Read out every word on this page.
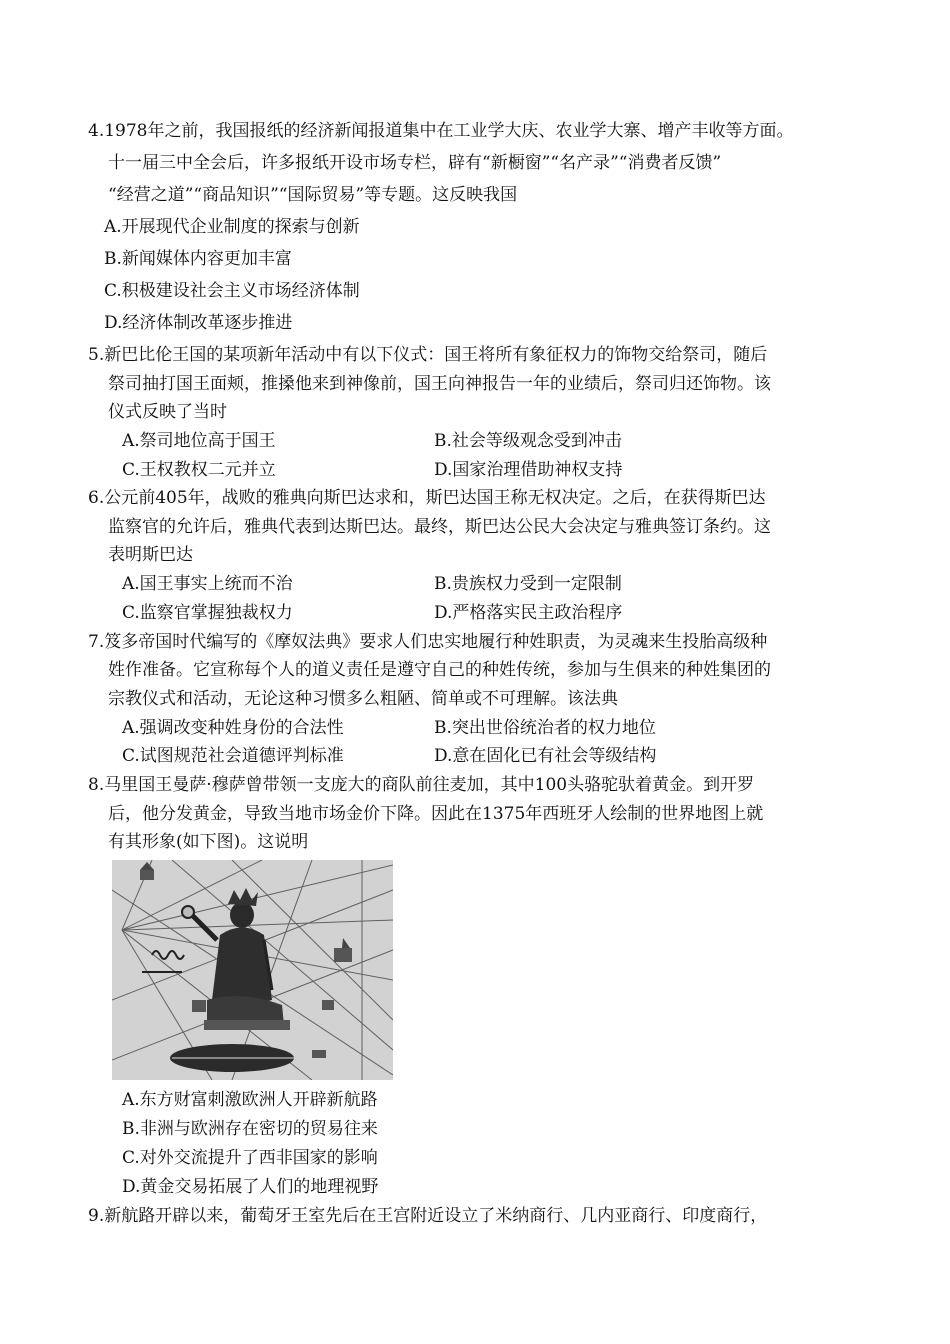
4.1978年之前，我国报纸的经济新闻报道集中在工业学大庆、农业学大寨、增产丰收等方面。
十一届三中全会后，许多报纸开设市场专栏，辟有“新橱窗”“名产录”“消费者反馈”
“经营之道”“商品知识”“国际贸易”等专题。这反映我国
A.开展现代企业制度的探索与创新
B.新闻媒体内容更加丰富
C.积极建设社会主义市场经济体制
D.经济体制改革逐步推进
5.新巴比伦王国的某项新年活动中有以下仪式：国王将所有象征权力的饰物交给祭司，随后
祭司抽打国王面颊，推搡他来到神像前，国王向神报告一年的业绩后，祭司归还饰物。该
仪式反映了当时
A.祭司地位高于国王	B.社会等级观念受到冲击
C.王权教权二元并立	D.国家治理借助神权支持
6.公元前405年，战败的雅典向斯巴达求和，斯巴达国王称无权决定。之后，在获得斯巴达
监察官的允许后，雅典代表到达斯巴达。最终，斯巴达公民大会决定与雅典签订条约。这
表明斯巴达
A.国王事实上统而不治	B.贵族权力受到一定限制
C.监察官掌握独裁权力	D.严格落实民主政治程序
7.笈多帝国时代编写的《摩奴法典》要求人们忠实地履行种姓职责，为灵魂来生投胎高级种
姓作准备。它宣称每个人的道义责任是遵守自己的种姓传统，参加与生俱来的种姓集团的
宗教仪式和活动，无论这种习惯多么粗陋、简单或不可理解。该法典
A.强调改变种姓身份的合法性	B.突出世俗统治者的权力地位
C.试图规范社会道德评判标准	D.意在固化已有社会等级结构
8.马里国王曼萨·穆萨曾带领一支庞大的商队前往麦加，其中100头骆驼驮着黄金。到开罗
后，他分发黄金，导致当地市场金价下降。因此在1375年西班牙人绘制的世界地图上就
有其形象(如下图)。这说明
A.东方财富刺激欧洲人开辟新航路
B.非洲与欧洲存在密切的贸易往来
C.对外交流提升了西非国家的影响
D.黄金交易拓展了人们的地理视野
9.新航路开辟以来，葡萄牙王室先后在王宫附近设立了米纳商行、几内亚商行、印度商行，
